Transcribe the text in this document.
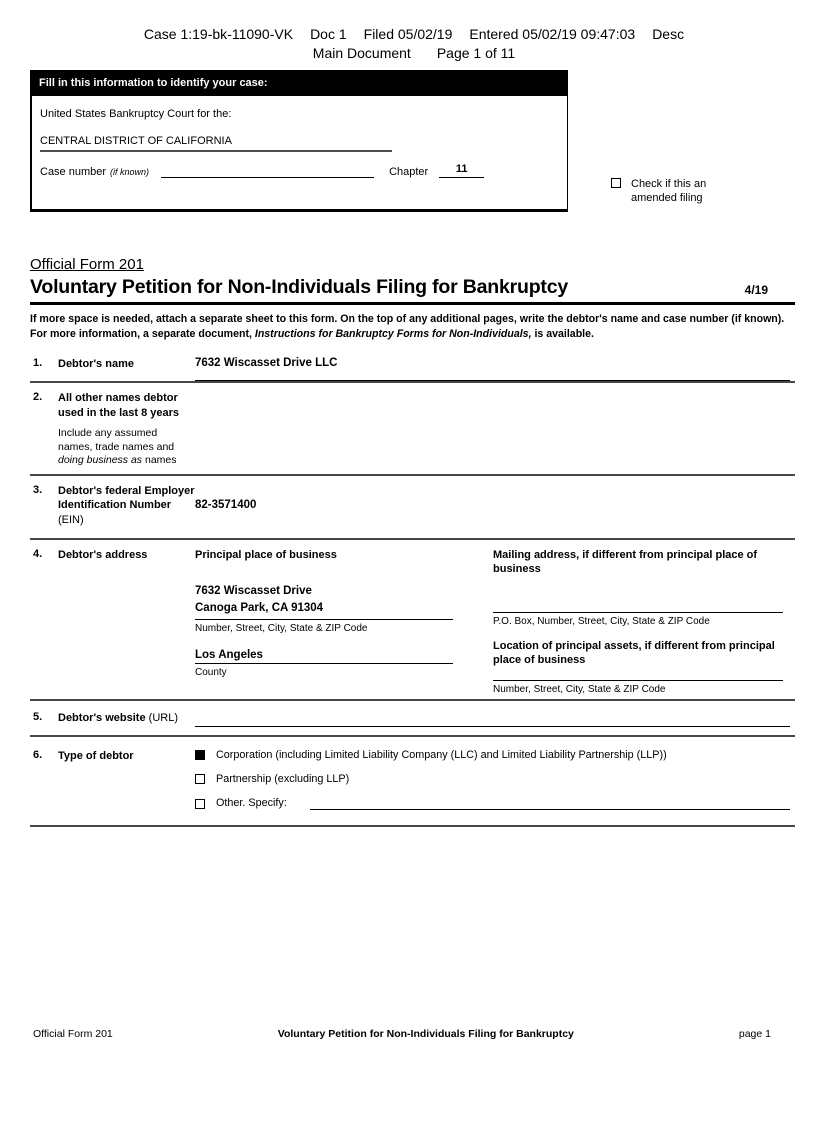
Case 1:19-bk-11090-VK Doc 1 Filed 05/02/19 Entered 05/02/19 09:47:03 Desc
Main Document Page 1 of 11
Fill in this information to identify your case:
United States Bankruptcy Court for the:
CENTRAL DISTRICT OF CALIFORNIA
Case number (if known)	Chapter	11
Check if this an
amended filing
Official Form 201
Voluntary Petition for Non-Individuals Filing for Bankruptcy	4/19
If more space is needed, attach a separate sheet to this form. On the top of any additional pages, write the debtor's name and case number (if known).
For more information, a separate document, Instructions for Bankruptcy Forms for Non-Individuals, is available.
1.	Debtor's name	7632 Wiscasset Drive LLC
2.	All other names debtor used in the last 8 years
Include any assumed names, trade names and doing business as names
3.	Debtor's federal Employer Identification Number (EIN)
82-3571400
4.	Debtor's address	Principal place of business
7632 Wiscasset Drive
Canoga Park, CA 91304
Number, Street, City, State & ZIP Code
Los Angeles
County
Mailing address, if different from principal place of business
P.O. Box, Number, Street, City, State & ZIP Code
Location of principal assets, if different from principal place of business
Number, Street, City, State & ZIP Code
5.	Debtor's website (URL)
6.	Type of debtor	Corporation (including Limited Liability Company (LLC) and Limited Liability Partnership (LLP))
Partnership (excluding LLP)
Other. Specify:
Official Form 201	Voluntary Petition for Non-Individuals Filing for Bankruptcy	page 1
